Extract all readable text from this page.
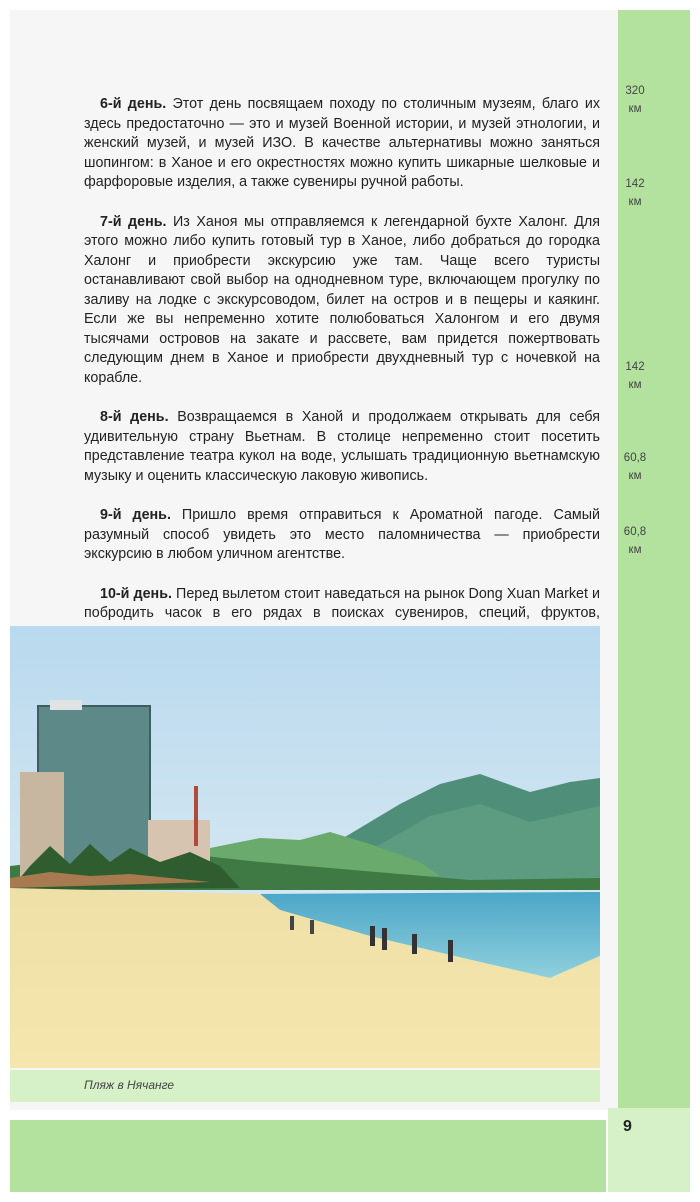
320
км
142
км
142
км
60,8
км
60,8
км

6-й день. Этот день посвящаем походу по столичным музеям, благо их здесь предостаточно — это и музей Военной истории, и музей этнологии, и женский музей, и музей ИЗО. В качестве альтернативы можно заняться шопингом: в Ханое и его окрестностях можно купить шикарные шелковые и фарфоровые изделия, а также сувениры ручной работы.

7-й день. Из Ханоя мы отправляемся к легендарной бухте Халонг. Для этого можно либо купить готовый тур в Ханое, либо добраться до городка Халонг и приобрести экскурсию уже там. Чаще всего туристы останавливают свой выбор на однодневном туре, включающем прогулку по заливу на лодке с экскурсоводом, билет на остров и в пещеры и каякинг. Если же вы непременно хотите полюбоваться Халонгом и его двумя тысячами островов на закате и рассвете, вам придется пожертвовать следующим днем в Ханое и приобрести двухдневный тур с ночевкой на корабле.

8-й день. Возвращаемся в Ханой и продолжаем открывать для себя удивительную страну Вьетнам. В столице непременно стоит посетить представление театра кукол на воде, услышать традиционную вьетнамскую музыку и оценить классическую лаковую живопись.

9-й день. Пришло время отправиться к Ароматной пагоде. Самый разумный способ увидеть это место паломничества — приобрести экскурсию в любом уличном агентстве.

10-й день. Перед вылетом стоит наведаться на рынок Dong Xuan Market и побродить часок в его рядах в поисках сувениров, специй, фруктов,

Пляж в Нячанге
9
